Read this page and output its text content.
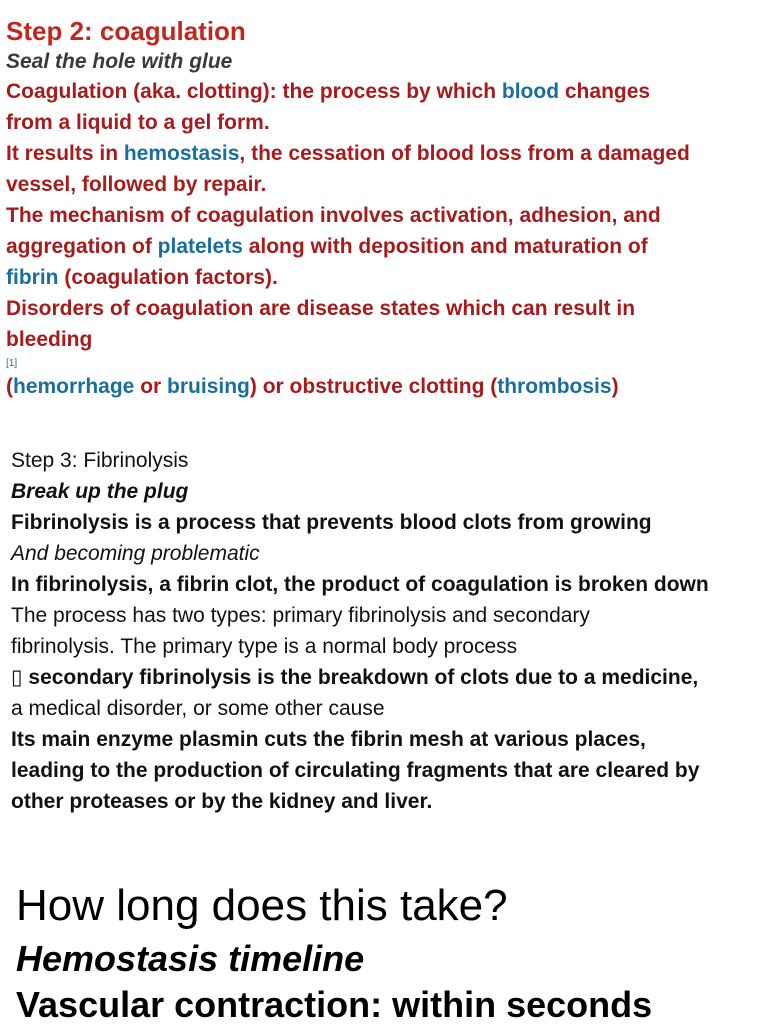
Step 2: coagulation
Seal the hole with glue
Coagulation (aka. clotting): the process by which blood changes
from a liquid to a gel form.
It results in hemostasis, the cessation of blood loss from a damaged
vessel, followed by repair.
The mechanism of coagulation involves activation, adhesion, and
aggregation of platelets along with deposition and maturation of
fibrin (coagulation factors).
Disorders of coagulation are disease states which can result in
bleeding
[1]
(hemorrhage or bruising) or obstructive clotting (thrombosis)
Step 3: Fibrinolysis
Break up the plug
Fibrinolysis is a process that prevents blood clots from growing
And becoming problematic
In fibrinolysis, a fibrin clot, the product of coagulation is broken down
The process has two types: primary fibrinolysis and secondary
fibrinolysis. The primary type is a normal body process
▯ secondary fibrinolysis is the breakdown of clots due to a medicine,
a medical disorder, or some other cause
Its main enzyme plasmin cuts the fibrin mesh at various places,
leading to the production of circulating fragments that are cleared by
other proteases or by the kidney and liver.
How long does this take?
Hemostasis timeline
Vascular contraction: within seconds
